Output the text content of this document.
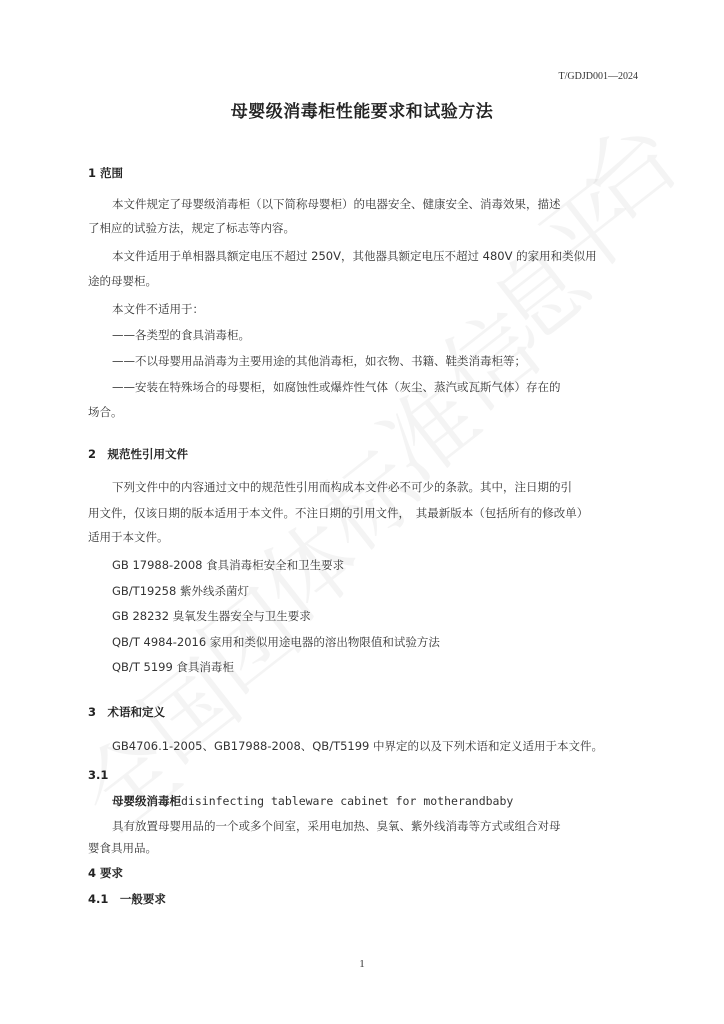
T/GDJD001—2024
母婴级消毒柜性能要求和试验方法
1 范围
本文件规定了母婴级消毒柜（以下简称母婴柜）的电器安全、健康安全、消毒效果，描述
了相应的试验方法，规定了标志等内容。
本文件适用于单相器具额定电压不超过 250V，其他器具额定电压不超过 480V 的家用和类似用
途的母婴柜。
本文件不适用于：
——各类型的食具消毒柜。
——不以母婴用品消毒为主要用途的其他消毒柜，如衣物、书籍、鞋类消毒柜等；
——安装在特殊场合的母婴柜，如腐蚀性或爆炸性气体（灰尘、蒸汽或瓦斯气体）存在的
场合。
2　规范性引用文件
下列文件中的内容通过文中的规范性引用而构成本文件必不可少的条款。其中，注日期的引
用文件，仅该日期的版本适用于本文件。不注日期的引用文件，　其最新版本（包括所有的修改单）
适用于本文件。
GB 17988-2008 食具消毒柜安全和卫生要求
GB/T19258 紫外线杀菌灯
GB 28232 臭氧发生器安全与卫生要求
QB/T 4984-2016 家用和类似用途电器的溶出物限值和试验方法
QB/T 5199 食具消毒柜
3　术语和定义
GB4706.1-2005、GB17988-2008、QB/T5199 中界定的以及下列术语和定义适用于本文件。
3.1
母婴级消毒柜disinfecting tableware cabinet for motherandbaby
具有放置母婴用品的一个或多个间室，采用电加热、臭氧、紫外线消毒等方式或组合对母
婴食具用品。
4 要求
4.1　一般要求
1
